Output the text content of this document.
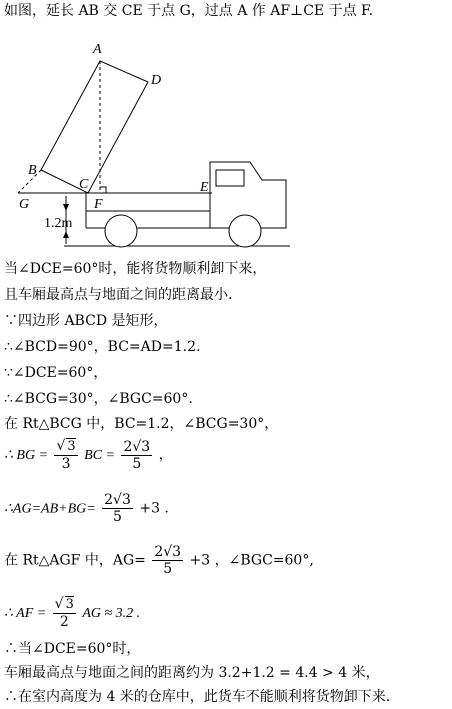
如图，延长 AB 交 CE 于点 G，过点 A 作 AF⊥CE 于点 F.
A
D
B
C	E
F
G
1.2m
当∠DCE=60°时，能将货物顺利卸下来，
且车厢最高点与地面之间的距离最小.
∵四边形 ABCD 是矩形，
∴∠BCD=90°，BC=AD=1.2.
∵∠DCE=60°，
∴∠BCG=30°，∠BGC=60°.
在 Rt△BCG 中，BC=1.2，∠BCG=30°，
∴ BG = $\frac{√ 3}{3}$ BC = $\frac{2√3}{5}$ ，
∴AG=AB+BG= $\frac{2√3}{5} +3$ .
在 Rt△AGF 中，$AG= \frac{2√3}{5} +3$ ，∠BGC=60°,
∴ AF = $\frac{√ 3}{2}$ AG ≈ 3.2 .
∴当∠DCE=60°时，
车厢最高点与地面之间的距离约为 3.2+1.2 = 4.4 > 4 米，
∴在室内高度为 4 米的仓库中，此货车不能顺利将货物卸下来.
